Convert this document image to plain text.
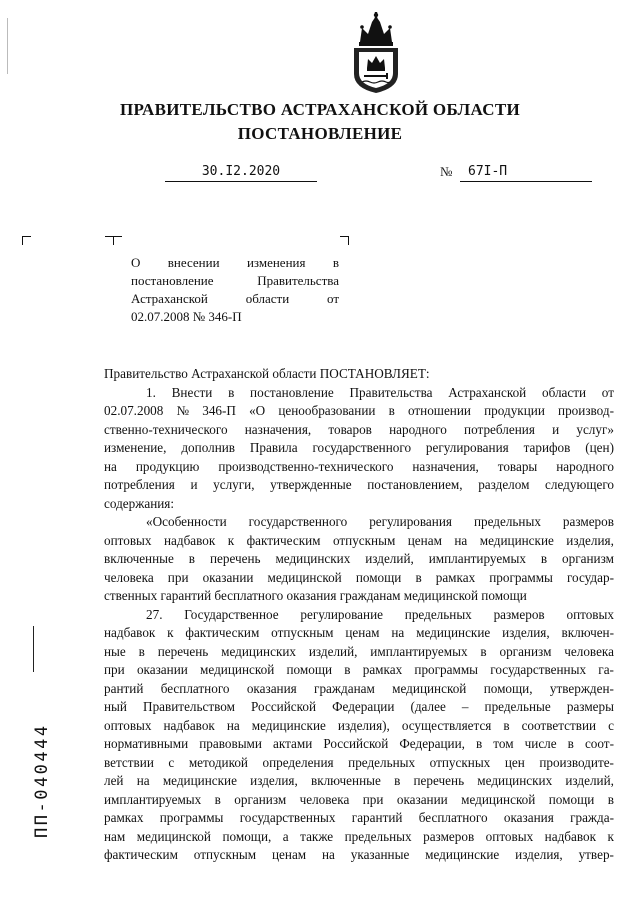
ПРАВИТЕЛЬСТВО АСТРАХАНСКОЙ ОБЛАСТИ
ПОСТАНОВЛЕНИЕ
30.I2.2020	№	67I-П
О внесении изменения в
постановление	Правительства
Астраханской	области	от
02.07.2008 № 346-П
Правительство Астраханской области ПОСТАНОВЛЯЕТ:
1. Внести в постановление Правительства Астраханской области от
02.07.2008 № 346-П «О ценообразовании в отношении продукции производ-
ственно-технического назначения, товаров народного потребления и услуг»
изменение, дополнив Правила государственного регулирования тарифов (цен)
на продукцию производственно-технического назначения, товары народного
потребления и услуги, утвержденные постановлением, разделом следующего
содержания:
«Особенности государственного регулирования предельных размеров
оптовых надбавок к фактическим отпускным ценам на медицинские изделия,
включенные в перечень медицинских изделий, имплантируемых в организм
человека при оказании медицинской помощи в рамках программы государ-
ственных гарантий бесплатного оказания гражданам медицинской помощи
27. Государственное регулирование предельных размеров оптовых
надбавок к фактическим отпускным ценам на медицинские изделия, включен-
ные в перечень медицинских изделий, имплантируемых в организм человека
при оказании медицинской помощи в рамках программы государственных га-
рантий бесплатного оказания гражданам медицинской помощи, утвержден-
ный Правительством Российской Федерации (далее – предельные размеры
оптовых надбавок на медицинские изделия), осуществляется в соответствии с
нормативными правовыми актами Российской Федерации, в том числе в соот-
ветствии с методикой определения предельных отпускных цен производите-
лей на медицинские изделия, включенные в перечень медицинских изделий,
имплантируемых в организм человека при оказании медицинской помощи в
рамках программы государственных гарантий бесплатного оказания гражда-
нам медицинской помощи, а также предельных размеров оптовых надбавок к
фактическим отпускным ценам на указанные медицинские изделия, утвер-
ПП-040444
